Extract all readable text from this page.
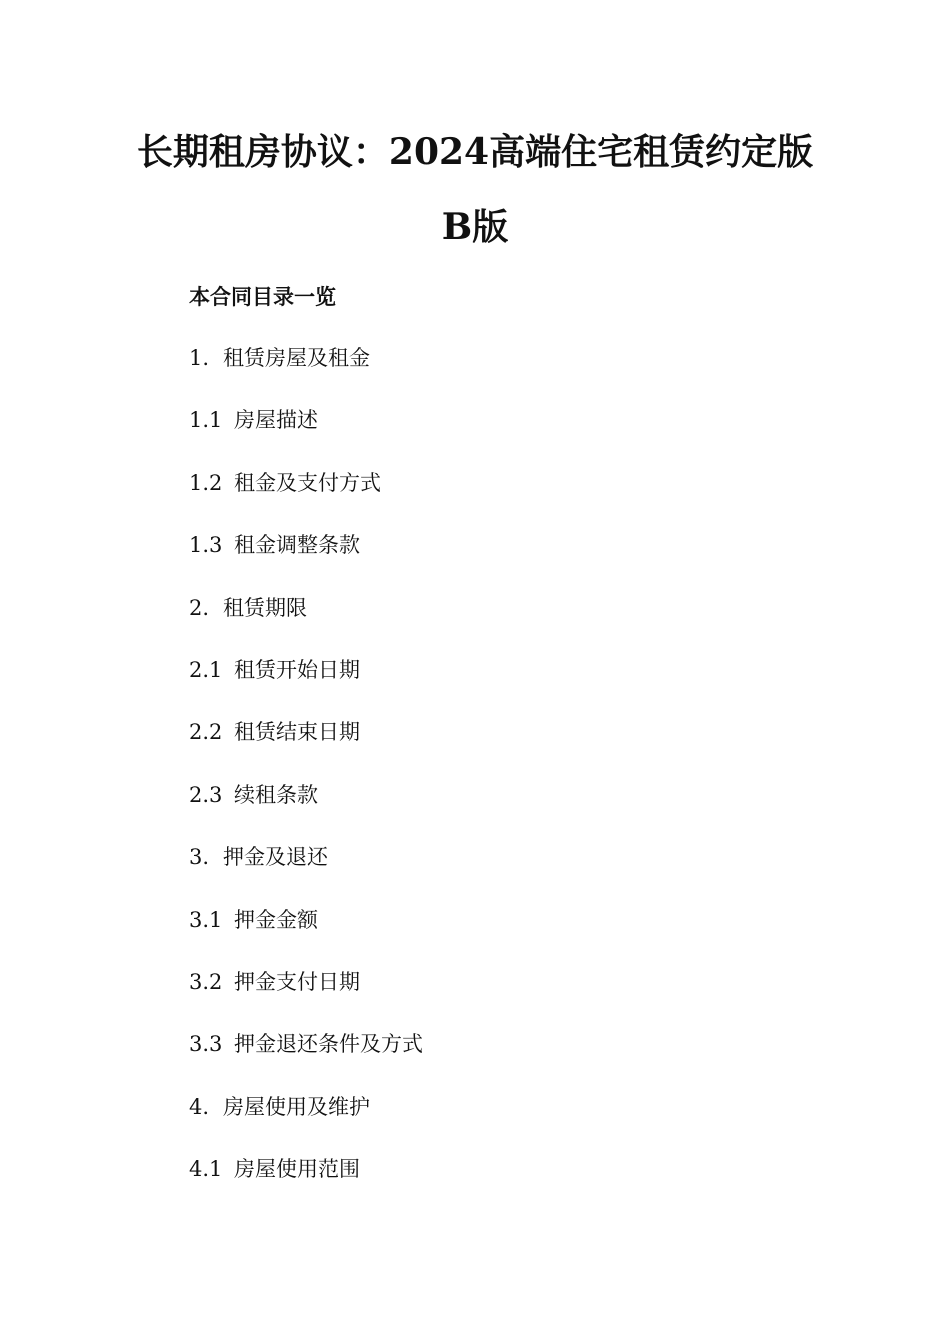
长期租房协议：2024高端住宅租赁约定版
B版
本合同目录一览
1. 租赁房屋及租金
1.1 房屋描述
1.2 租金及支付方式
1.3 租金调整条款
2. 租赁期限
2.1 租赁开始日期
2.2 租赁结束日期
2.3 续租条款
3. 押金及退还
3.1 押金金额
3.2 押金支付日期
3.3 押金退还条件及方式
4. 房屋使用及维护
4.1 房屋使用范围
